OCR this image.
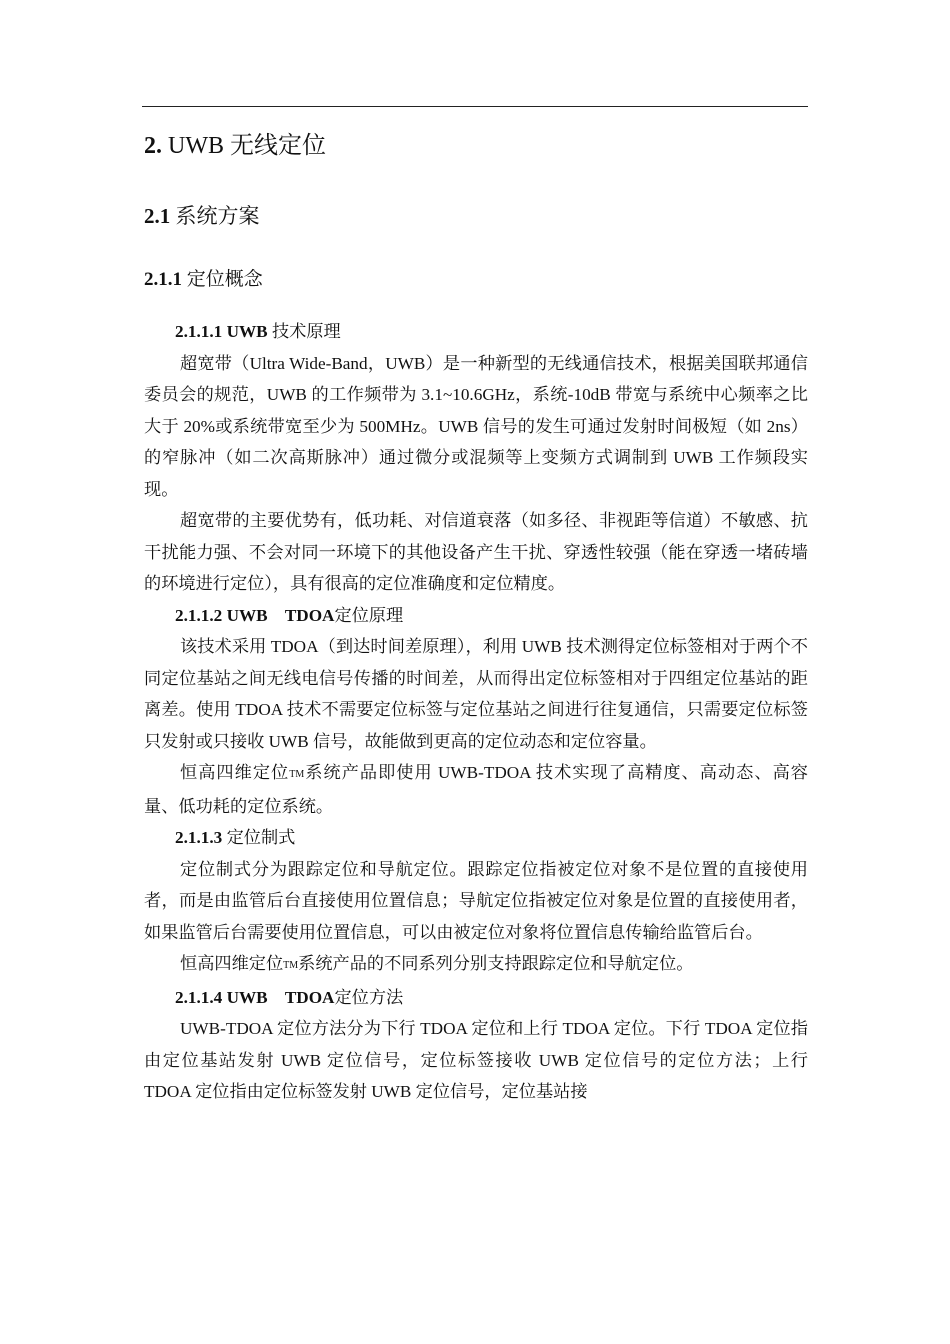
2. UWB 无线定位
2.1 系统方案
2.1.1 定位概念

2.1.1.1 UWB 技术原理

超宽带（Ultra Wide-Band，UWB）是一种新型的无线通信技术，根据美国联邦通信委员会的规范，UWB 的工作频带为 3.1~10.6GHz，系统-10dB 带宽与系统中心频率之比大于 20%或系统带宽至少为 500MHz。UWB 信号的发生可通过发射时间极短（如 2ns）的窄脉冲（如二次高斯脉冲）通过微分或混频等上变频方式调制到 UWB 工作频段实现。

超宽带的主要优势有，低功耗、对信道衰落（如多径、非视距等信道）不敏感、抗干扰能力强、不会对同一环境下的其他设备产生干扰、穿透性较强（能在穿透一堵砖墙的环境进行定位），具有很高的定位准确度和定位精度。

2.1.1.2 UWB　TDOA定位原理

该技术采用 TDOA（到达时间差原理），利用 UWB 技术测得定位标签相对于两个不同定位基站之间无线电信号传播的时间差，从而得出定位标签相对于四组定位基站的距离差。使用 TDOA 技术不需要定位标签与定位基站之间进行往复通信，只需要定位标签只发射或只接收 UWB 信号，故能做到更高的定位动态和定位容量。

恒高四维定位TM系统产品即使用 UWB-TDOA 技术实现了高精度、高动态、高容量、低功耗的定位系统。

2.1.1.3 定位制式

定位制式分为跟踪定位和导航定位。跟踪定位指被定位对象不是位置的直接使用者，而是由监管后台直接使用位置信息；导航定位指被定位对象是位置的直接使用者，如果监管后台需要使用位置信息，可以由被定位对象将位置信息传输给监管后台。

恒高四维定位TM系统产品的不同系列分别支持跟踪定位和导航定位。

2.1.1.4 UWB　TDOA定位方法

UWB-TDOA 定位方法分为下行 TDOA 定位和上行 TDOA 定位。下行 TDOA 定位指由定位基站发射 UWB 定位信号，定位标签接收 UWB 定位信号的定位方法；上行 TDOA 定位指由定位标签发射 UWB 定位信号，定位基站接
